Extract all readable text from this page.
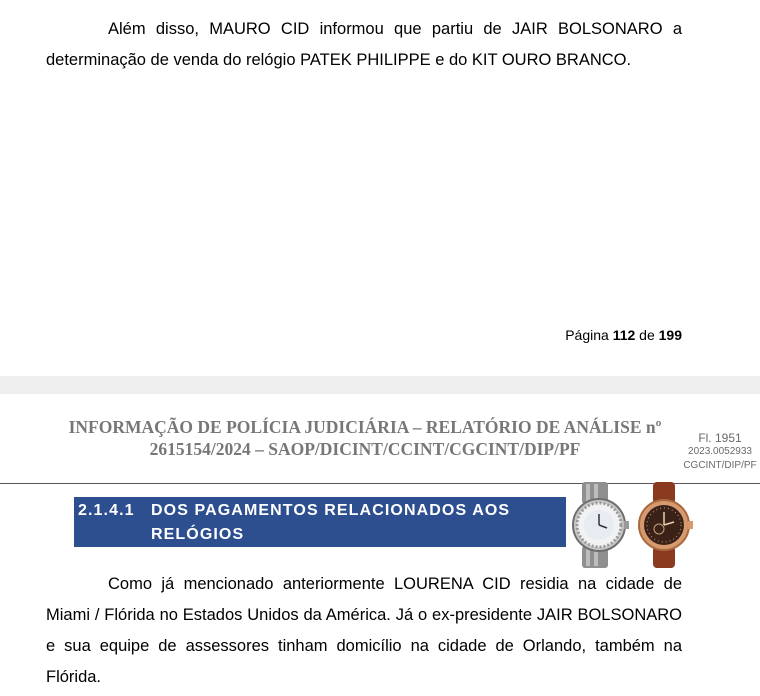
Além disso, MAURO CID informou que partiu de JAIR BOLSONARO a determinação de venda do relógio PATEK PHILIPPE e do KIT OURO BRANCO.
Página 112 de 199
INFORMAÇÃO DE POLÍCIA JUDICIÁRIA – RELATÓRIO DE ANÁLISE nº 2615154/2024 – SAOP/DICINT/CCINT/CGCINT/DIP/PF
Fl. 1951
2023.0052933
CGCINT/DIP/PF
2.1.4.1 DOS PAGAMENTOS RELACIONADOS AOS RELÓGIOS
Como já mencionado anteriormente LOURENA CID residia na cidade de Miami / Flórida no Estados Unidos da América. Já o ex-presidente JAIR BOLSONARO e sua equipe de assessores tinham domicílio na cidade de Orlando, também na Flórida.
